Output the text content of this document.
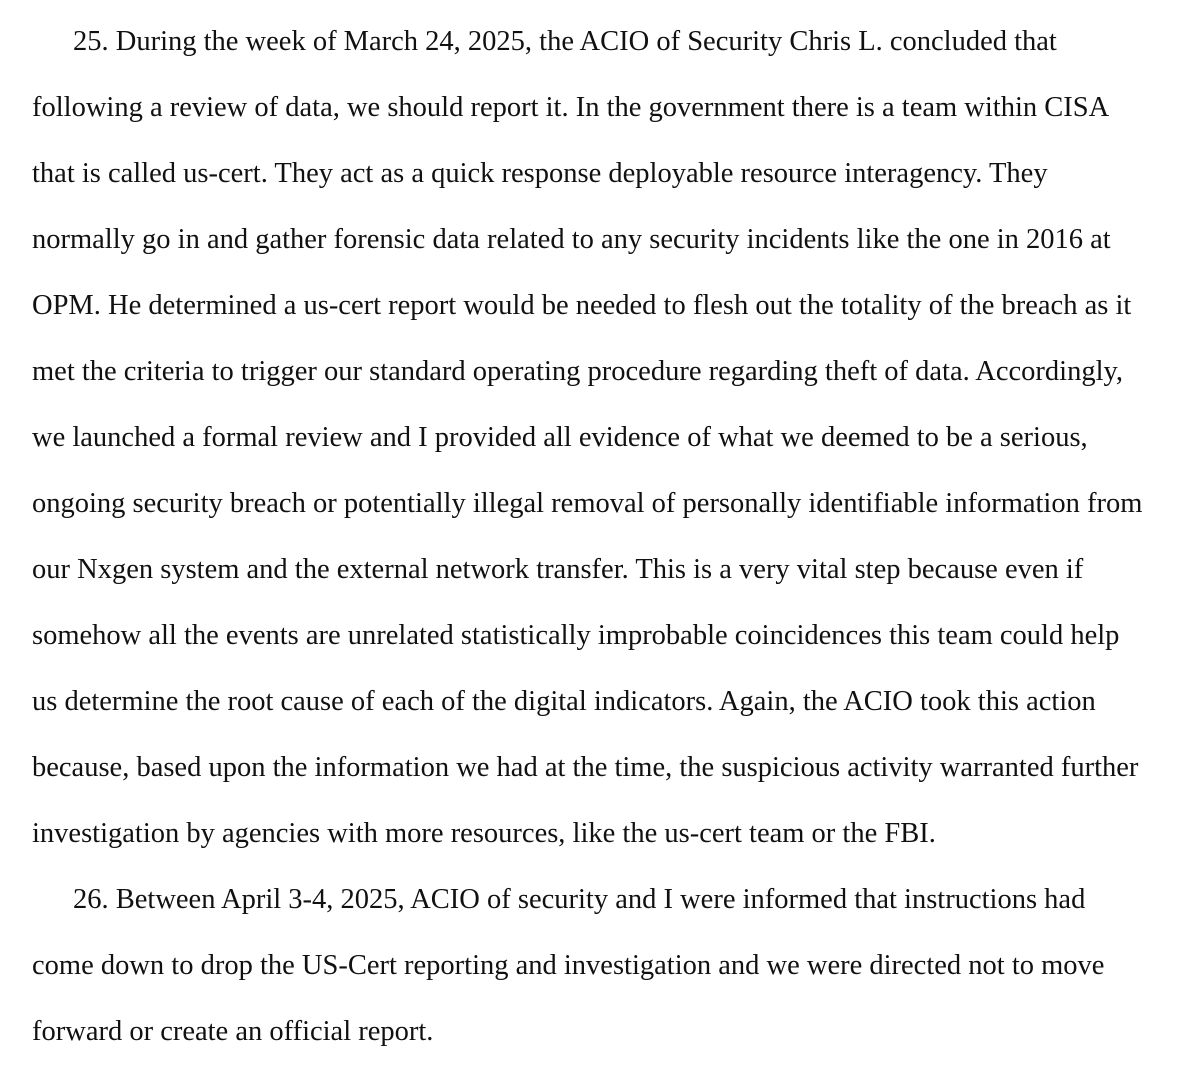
25. During the week of March 24, 2025, the ACIO of Security Chris L. concluded that
following a review of data, we should report it. In the government there is a team within CISA
that is called us-cert. They act as a quick response deployable resource interagency. They
normally go in and gather forensic data related to any security incidents like the one in 2016 at
OPM. He determined a us-cert report would be needed to flesh out the totality of the breach as it
met the criteria to trigger our standard operating procedure regarding theft of data. Accordingly,
we launched a formal review and I provided all evidence of what we deemed to be a serious,
ongoing security breach or potentially illegal removal of personally identifiable information from
our Nxgen system and the external network transfer. This is a very vital step because even if
somehow all the events are unrelated statistically improbable coincidences this team could help
us determine the root cause of each of the digital indicators. Again, the ACIO took this action
because, based upon the information we had at the time, the suspicious activity warranted further
investigation by agencies with more resources, like the us-cert team or the FBI.
26. Between April 3-4, 2025, ACIO of security and I were informed that instructions had
come down to drop the US-Cert reporting and investigation and we were directed not to move
forward or create an official report.
